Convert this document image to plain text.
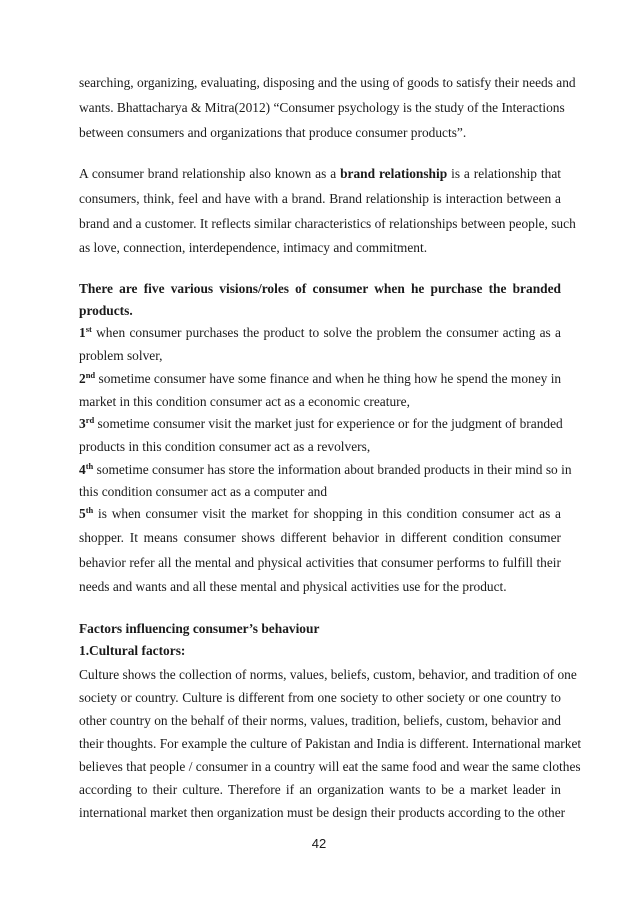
searching, organizing, evaluating, disposing and the using of goods to satisfy their needs and
wants. Bhattacharya & Mitra(2012) “Consumer psychology is the study of the Interactions
between consumers and organizations that produce consumer products”.
A consumer brand relationship also known as a brand relationship is a relationship that
consumers, think, feel and have with a brand. Brand relationship is interaction between a
brand and a customer. It reflects similar characteristics of relationships between people, such
as love, connection, interdependence, intimacy and commitment.
There are five various visions/roles of consumer when he purchase the branded
products.
1st when consumer purchases the product to solve the problem the consumer acting as a
problem solver,
2nd sometime consumer have some finance and when he thing how he spend the money in
market in this condition consumer act as a economic creature,
3rd sometime consumer visit the market just for experience or for the judgment of branded
products in this condition consumer act as a revolvers,
4th sometime consumer has store the information about branded products in their mind so in
this condition consumer act as a computer and
5th is when consumer visit the market for shopping in this condition consumer act as a
shopper. It means consumer shows different behavior in different condition consumer
behavior refer all the mental and physical activities that consumer performs to fulfill their
needs and wants and all these mental and physical activities use for the product.
Factors influencing consumer’s behaviour
1.Cultural factors:
Culture shows the collection of norms, values, beliefs, custom, behavior, and tradition of one
society or country. Culture is different from one society to other society or one country to
other country on the behalf of their norms, values, tradition, beliefs, custom, behavior and
their thoughts. For example the culture of Pakistan and India is different. International market
believes that people / consumer in a country will eat the same food and wear the same clothes
according to their culture. Therefore if an organization wants to be a market leader in
international market then organization must be design their products according to the other
42
